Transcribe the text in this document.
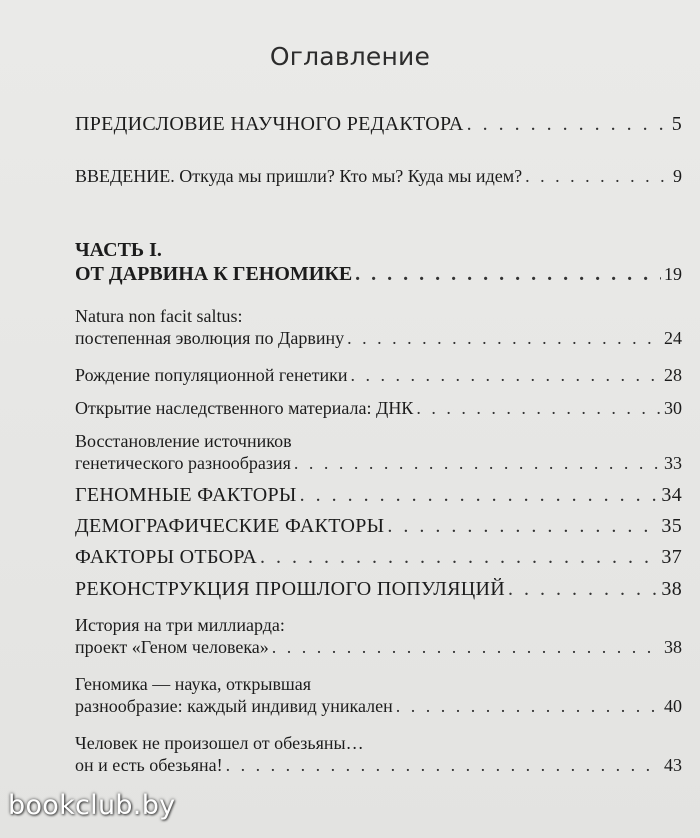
Оглавление
ПРЕДИСЛОВИЕ НАУЧНОГО РЕДАКТОРА . . .	5
ВВЕДЕНИЕ. Откуда мы пришли? Кто мы? Куда мы идем? . . .	9
ЧАСТЬ I.
ОТ ДАРВИНА К ГЕНОМИКЕ . . .	19
Natura non facit saltus:
постепенная эволюция по Дарвину . . .	24
Рождение популяционной генетики . . .	28
Открытие наследственного материала: ДНК . . .	30
Восстановление источников
генетического разнообразия . . .	33
ГЕНОМНЫЕ ФАКТОРЫ . . .	34
ДЕМОГРАФИЧЕСКИЕ ФАКТОРЫ . . .	35
ФАКТОРЫ ОТБОРА . . .	37
РЕКОНСТРУКЦИЯ ПРОШЛОГО ПОПУЛЯЦИЙ . . .	38
История на три миллиарда:
проект «Геном человека» . . .	38
Геномика — наука, открывшая
разнообразие: каждый индивид уникален . . .	40
Человек не произошел от обезьяны…
он и есть обезьяна! . . .	43
bookclub.by
